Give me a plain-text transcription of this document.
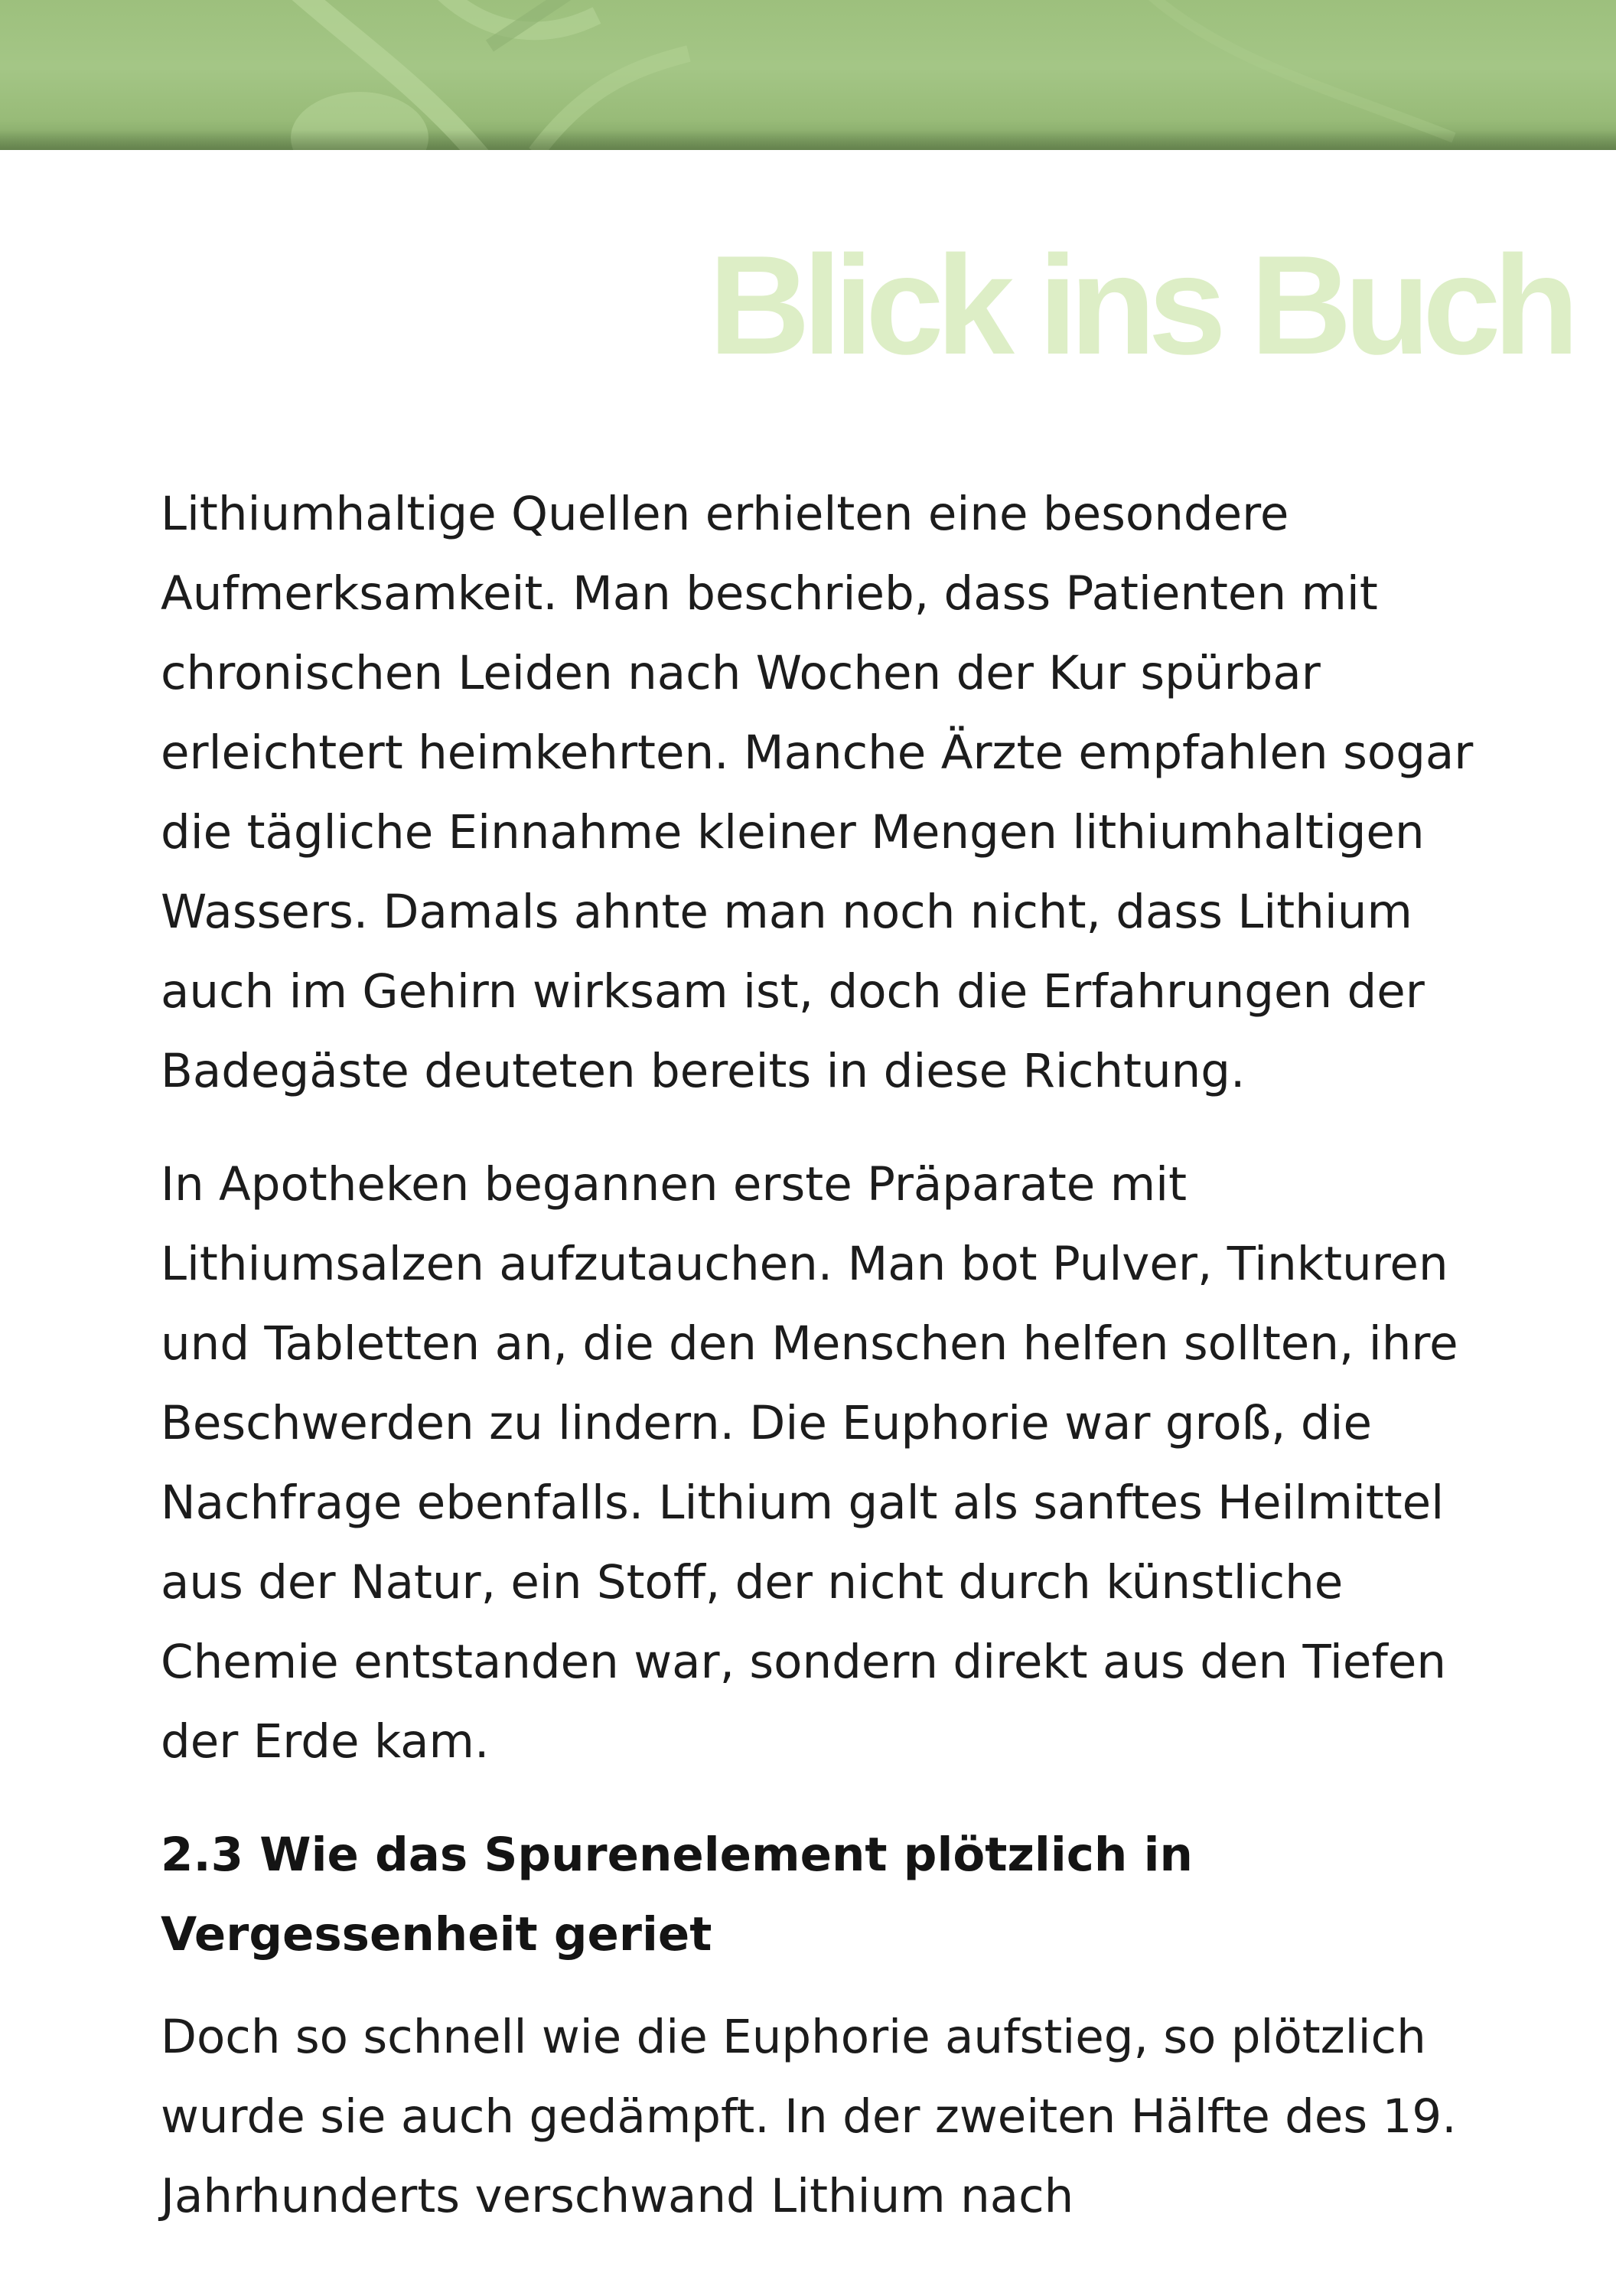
Blick ins Buch

Lithiumhaltige Quellen erhielten eine besondere Aufmerksamkeit. Man beschrieb, dass Patienten mit chronischen Leiden nach Wochen der Kur spürbar erleichtert heimkehrten. Manche Ärzte empfahlen sogar die tägliche Einnahme kleiner Mengen lithiumhaltigen Wassers. Damals ahnte man noch nicht, dass Lithium auch im Gehirn wirksam ist, doch die Erfahrungen der Badegäste deuteten bereits in diese Richtung.

In Apotheken begannen erste Präparate mit Lithiumsalzen aufzutauchen. Man bot Pulver, Tinkturen und Tabletten an, die den Menschen helfen sollten, ihre Beschwerden zu lindern. Die Euphorie war groß, die Nachfrage ebenfalls. Lithium galt als sanftes Heilmittel aus der Natur, ein Stoff, der nicht durch künstliche Chemie entstanden war, sondern direkt aus den Tiefen der Erde kam.

2.3 Wie das Spurenelement plötzlich in Vergessenheit geriet

Doch so schnell wie die Euphorie aufstieg, so plötzlich wurde sie auch gedämpft. In der zweiten Hälfte des 19. Jahrhunderts verschwand Lithium nach
